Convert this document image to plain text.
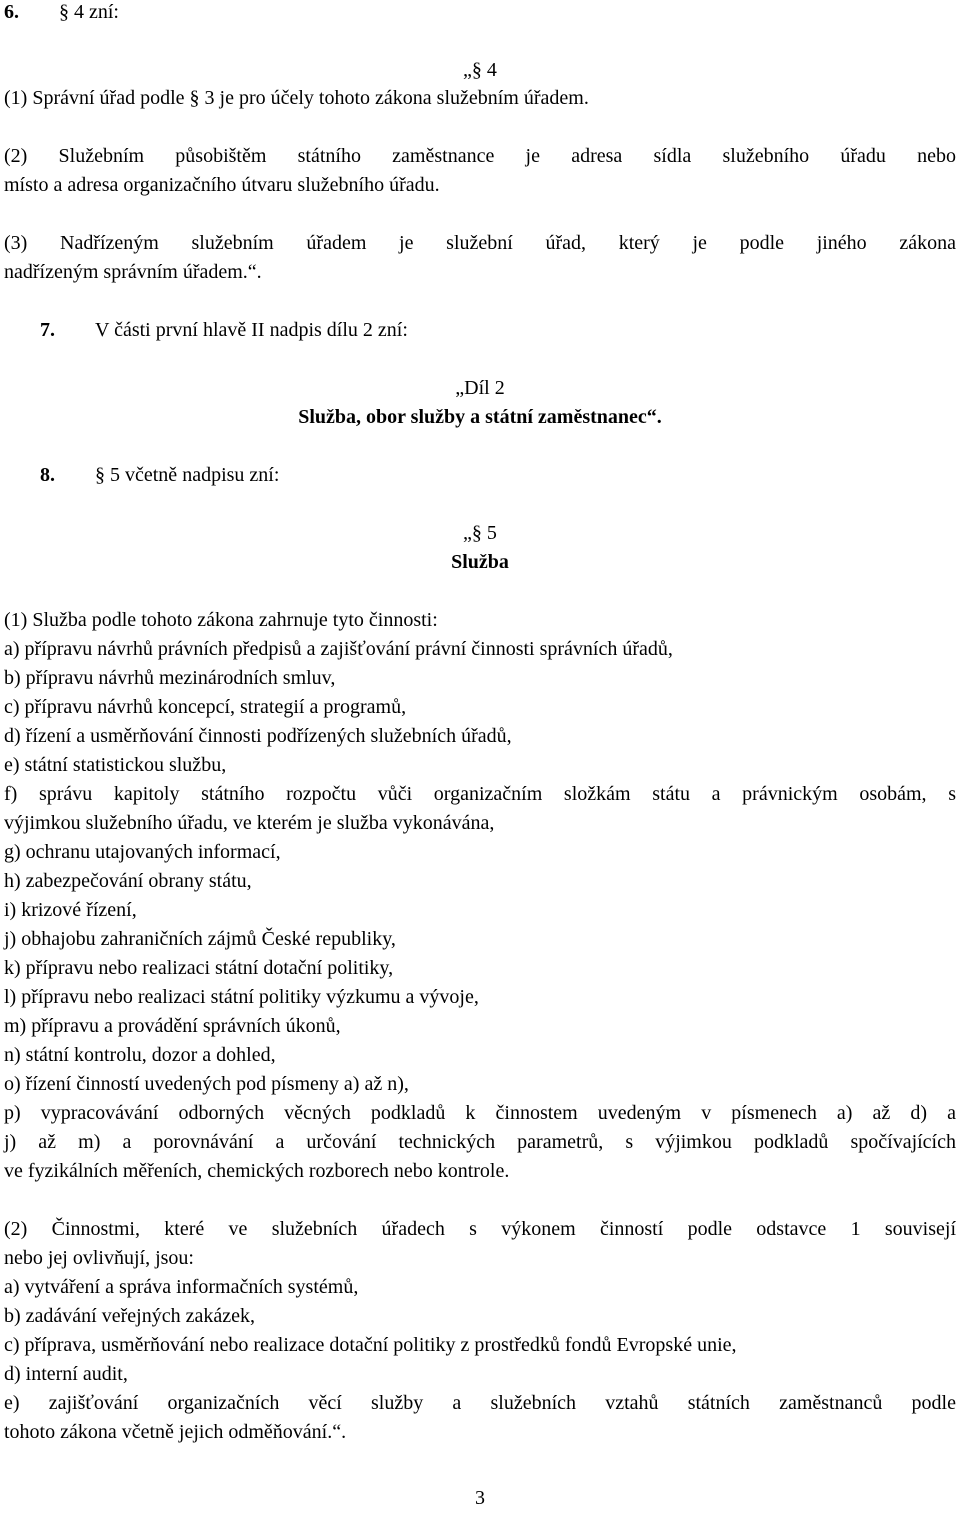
6. § 4 zní:
„§ 4
(1) Správní úřad podle § 3 je pro účely tohoto zákona služebním úřadem.
(2) Služebním působištěm státního zaměstnance je adresa sídla služebního úřadu nebo
místo a adresa organizačního útvaru služebního úřadu.
(3) Nadřízeným služebním úřadem je služební úřad, který je podle jiného zákona
nadřízeným správním úřadem.“.
7. V části první hlavě II nadpis dílu 2 zní:
„Díl 2
Služba, obor služby a státní zaměstnanec“.
8. § 5 včetně nadpisu zní:
„§ 5
Služba
(1) Služba podle tohoto zákona zahrnuje tyto činnosti:
a) přípravu návrhů právních předpisů a zajišťování právní činnosti správních úřadů,
b) přípravu návrhů mezinárodních smluv,
c) přípravu návrhů koncepcí, strategií a programů,
d) řízení a usměrňování činnosti podřízených služebních úřadů,
e) státní statistickou službu,
f) správu kapitoly státního rozpočtu vůči organizačním složkám státu a právnickým osobám, s
výjimkou služebního úřadu, ve kterém je služba vykonávána,
g) ochranu utajovaných informací,
h) zabezpečování obrany státu,
i) krizové řízení,
j) obhajobu zahraničních zájmů České republiky,
k) přípravu nebo realizaci státní dotační politiky,
l) přípravu nebo realizaci státní politiky výzkumu a vývoje,
m) přípravu a provádění správních úkonů,
n) státní kontrolu, dozor a dohled,
o) řízení činností uvedených pod písmeny a) až n),
p) vypracovávání odborných věcných podkladů k činnostem uvedeným v písmenech a) až d) a
j) až m) a porovnávání a určování technických parametrů, s výjimkou podkladů spočívajících
ve fyzikálních měřeních, chemických rozborech nebo kontrole.
(2) Činnostmi, které ve služebních úřadech s výkonem činností podle odstavce 1 souvisejí
nebo jej ovlivňují, jsou:
a) vytváření a správa informačních systémů,
b) zadávání veřejných zakázek,
c) příprava, usměrňování nebo realizace dotační politiky z prostředků fondů Evropské unie,
d) interní audit,
e) zajišťování organizačních věcí služby a služebních vztahů státních zaměstnanců podle
tohoto zákona včetně jejich odměňování.“.
3
